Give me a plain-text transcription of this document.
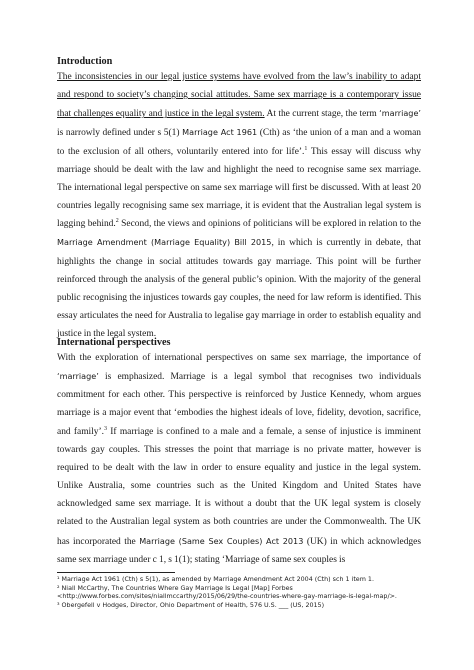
Introduction

The inconsistencies in our legal justice systems have evolved from the law’s inability to adapt and respond to society’s changing social attitudes. Same sex marriage is a contemporary issue that challenges equality and justice in the legal system. At the current stage, the term ‘marriage’ is narrowly defined under s 5(1) Marriage Act 1961 (Cth) as ‘the union of a man and a woman to the exclusion of all others, voluntarily entered into for life’.$^1$ This essay will discuss why marriage should be dealt with the law and highlight the need to recognise same sex marriage. The international legal perspective on same sex marriage will first be discussed. With at least 20 countries legally recognising same sex marriage, it is evident that the Australian legal system is lagging behind.$^2$ Second, the views and opinions of politicians will be explored in relation to the Marriage Amendment (Marriage Equality) Bill 2015, in which is currently in debate, that highlights the change in social attitudes towards gay marriage. This point will be further reinforced through the analysis of the general public’s opinion. With the majority of the general public recognising the injustices towards gay couples, the need for law reform is identified. This essay articulates the need for Australia to legalise gay marriage in order to establish equality and justice in the legal system.

International perspectives

With the exploration of international perspectives on same sex marriage, the importance of ‘marriage’ is emphasized. Marriage is a legal symbol that recognises two individuals commitment for each other. This perspective is reinforced by Justice Kennedy, whom argues marriage is a major event that ‘embodies the highest ideals of love, fidelity, devotion, sacrifice, and family’.$^3$ If marriage is confined to a male and a female, a sense of injustice is imminent towards gay couples. This stresses the point that marriage is no private matter, however is required to be dealt with the law in order to ensure equality and justice in the legal system. Unlike Australia, some countries such as the United Kingdom and United States have acknowledged same sex marriage. It is without a doubt that the UK legal system is closely related to the Australian legal system as both countries are under the Commonwealth. The UK has incorporated the Marriage (Same Sex Couples) Act 2013 (UK) in which acknowledges same sex marriage under c 1, s 1(1); stating ‘Marriage of same sex couples is

¹ Marriage Act 1961 (Cth) s 5(1), as amended by Marriage Amendment Act 2004 (Cth) sch 1 item 1.
² Niall McCarthy, The Countries Where Gay Marriage Is Legal [Map] Forbes
<http://www.forbes.com/sites/niallmccarthy/2015/06/29/the-countries-where-gay-marriage-is-legal-map/>.
³ Obergefell v Hodges, Director, Ohio Department of Health, 576 U.S. ___ (US, 2015)
